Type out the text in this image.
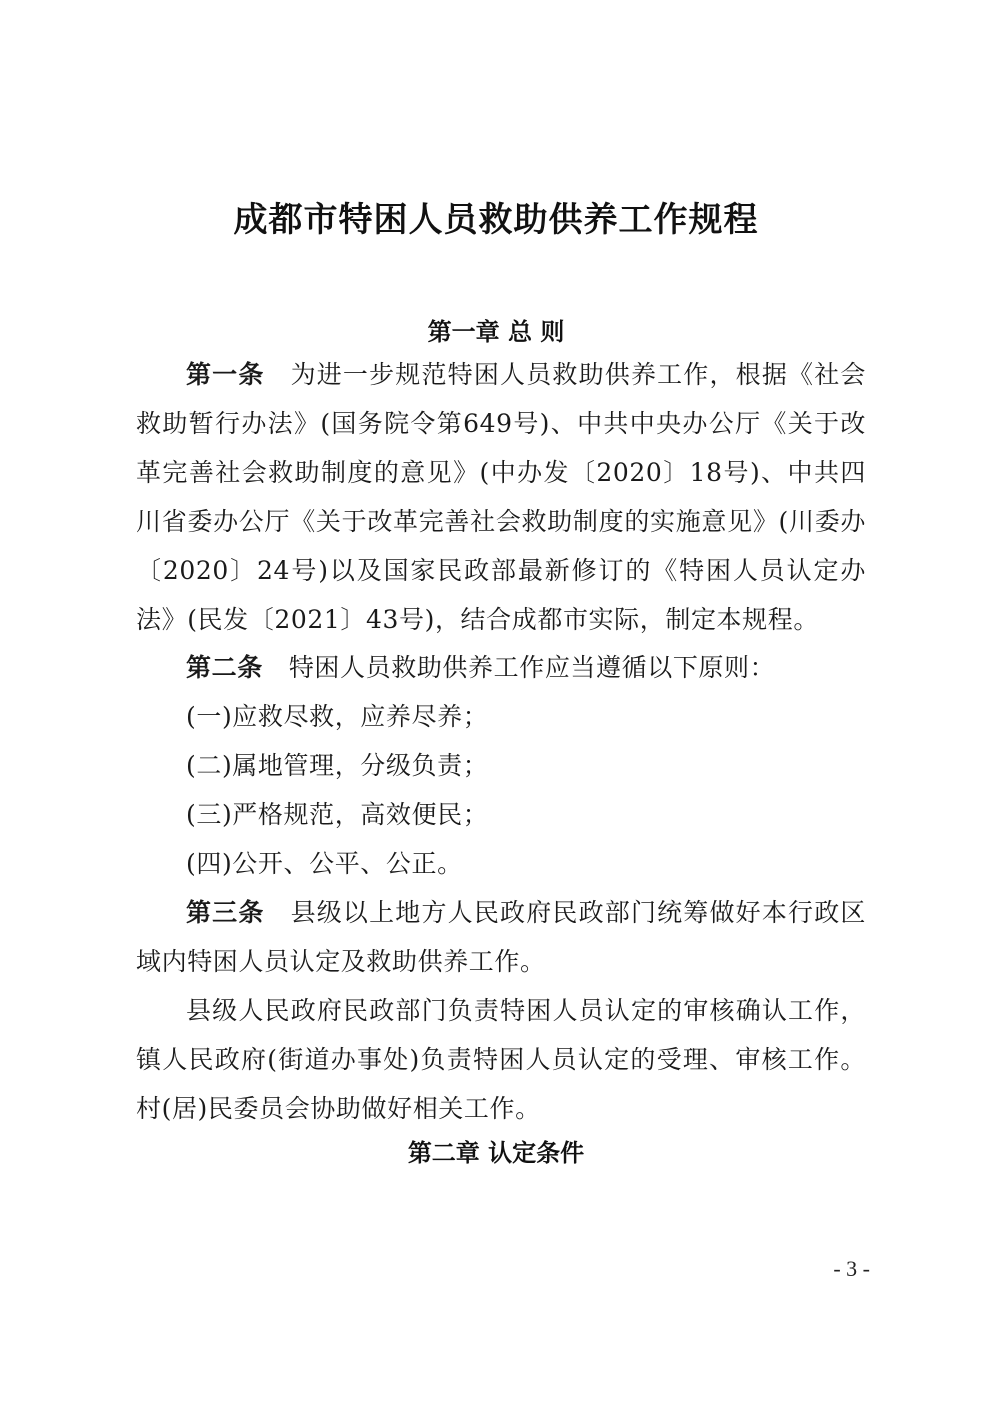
成都市特困人员救助供养工作规程
第一章 总 则

第一条 为进一步规范特困人员救助供养工作，根据《社会救助暂行办法》(国务院令第649号)、中共中央办公厅《关于改革完善社会救助制度的意见》(中办发〔2020〕18号)、中共四川省委办公厅《关于改革完善社会救助制度的实施意见》(川委办〔2020〕24号)以及国家民政部最新修订的《特困人员认定办法》(民发〔2021〕43号)，结合成都市实际，制定本规程。

第二条 特困人员救助供养工作应当遵循以下原则：

(一)应救尽救，应养尽养；

(二)属地管理，分级负责；

(三)严格规范，高效便民；

(四)公开、公平、公正。

第三条 县级以上地方人民政府民政部门统筹做好本行政区域内特困人员认定及救助供养工作。

县级人民政府民政部门负责特困人员认定的审核确认工作，镇人民政府(街道办事处)负责特困人员认定的受理、审核工作。村(居)民委员会协助做好相关工作。

第二章 认定条件
- 3 -
